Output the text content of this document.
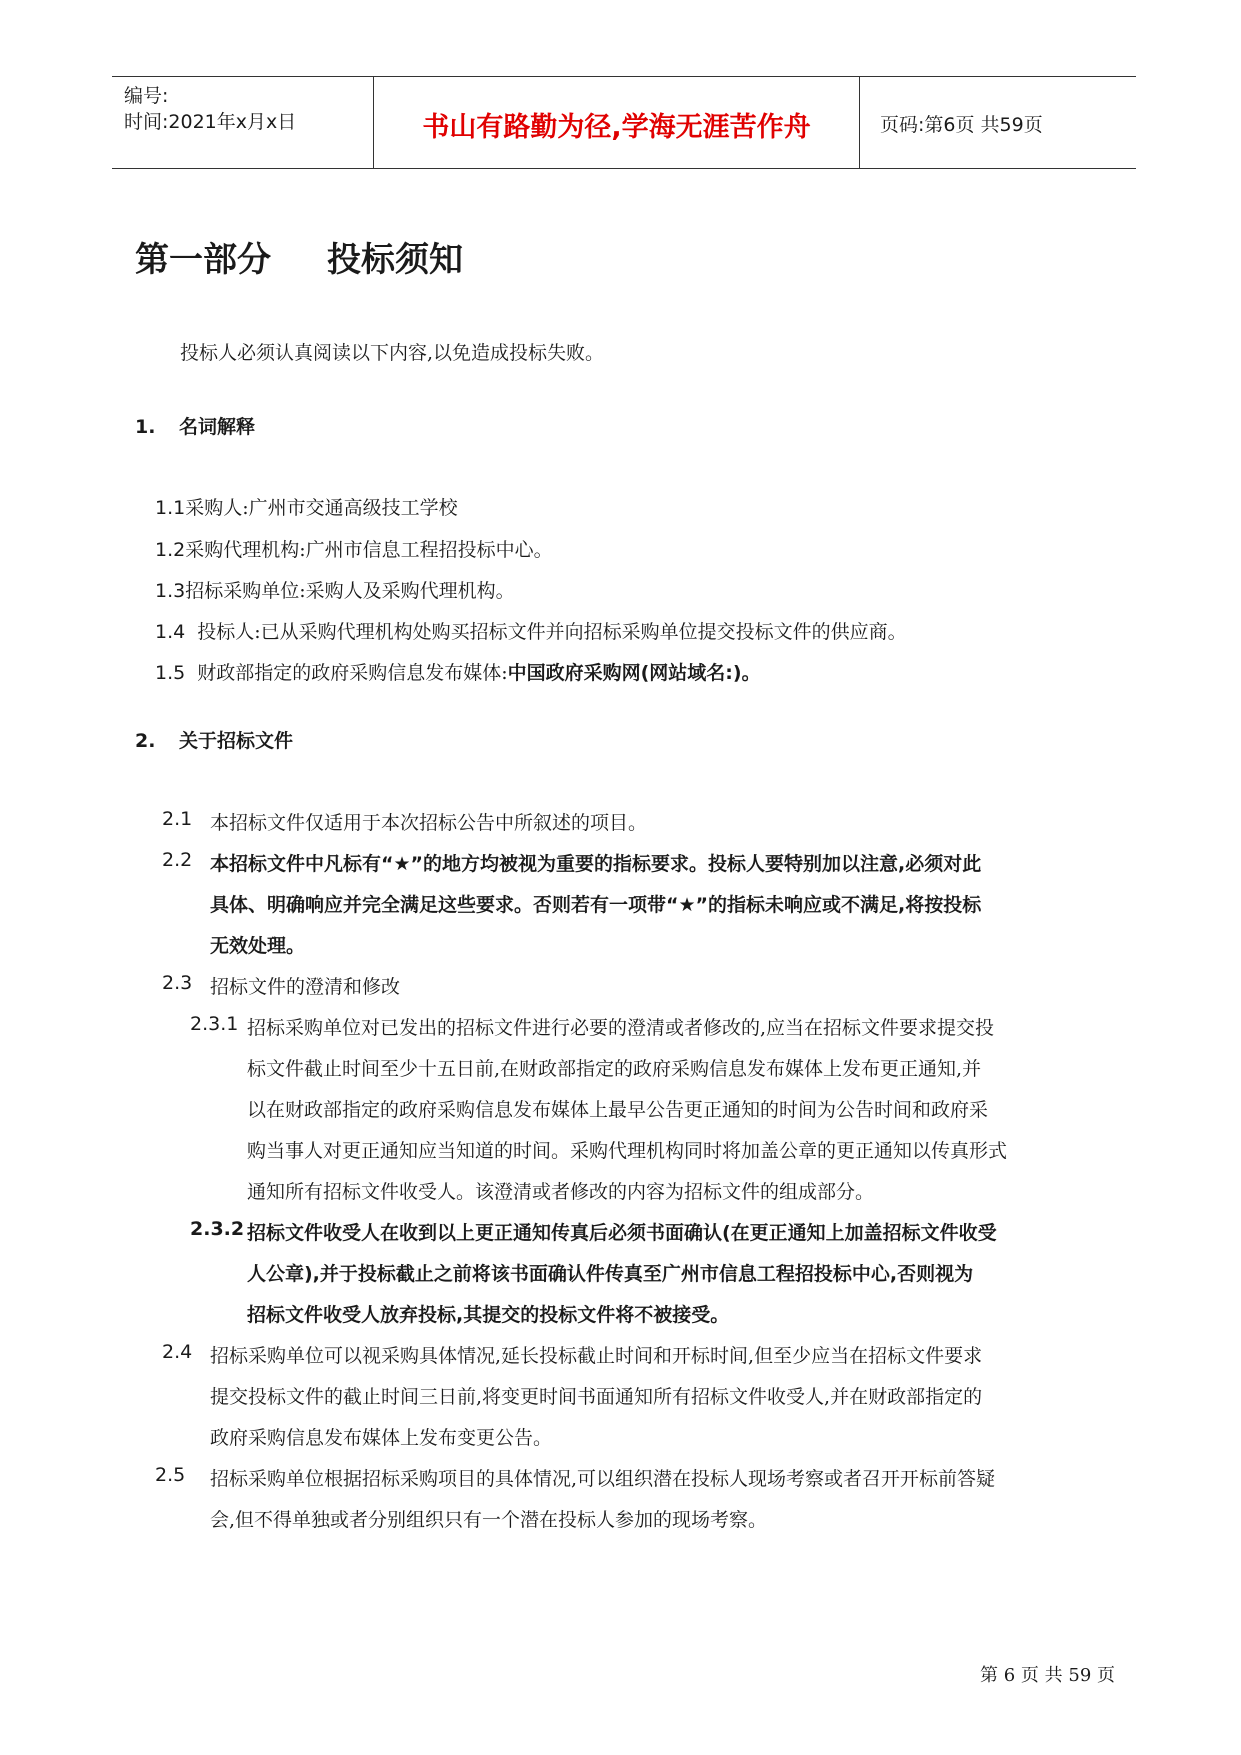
编号:
时间:2021年x月x日	书山有路勤为径,学海无涯苦作舟	页码:第6页 共59页
第一部分 投标须知
投标人必须认真阅读以下内容,以免造成投标失败。
1. 名词解释
1.1采购人:广州市交通高级技工学校
1.2采购代理机构:广州市信息工程招投标中心。
1.3招标采购单位:采购人及采购代理机构。
1.4 投标人:已从采购代理机构处购买招标文件并向招标采购单位提交投标文件的供应商。
1.5 财政部指定的政府采购信息发布媒体:中国政府采购网(网站域名:)。
2. 关于招标文件
2.1 本招标文件仅适用于本次招标公告中所叙述的项目。
2.2 本招标文件中凡标有“★”的地方均被视为重要的指标要求。投标人要特别加以注意,必须对此
具体、明确响应并完全满足这些要求。否则若有一项带“★”的指标未响应或不满足,将按投标
无效处理。
2.3 招标文件的澄清和修改
2.3.1 招标采购单位对已发出的招标文件进行必要的澄清或者修改的,应当在招标文件要求提交投
标文件截止时间至少十五日前,在财政部指定的政府采购信息发布媒体上发布更正通知,并
以在财政部指定的政府采购信息发布媒体上最早公告更正通知的时间为公告时间和政府采
购当事人对更正通知应当知道的时间。采购代理机构同时将加盖公章的更正通知以传真形式
通知所有招标文件收受人。该澄清或者修改的内容为招标文件的组成部分。
2.3.2 招标文件收受人在收到以上更正通知传真后必须书面确认(在更正通知上加盖招标文件收受
人公章),并于投标截止之前将该书面确认件传真至广州市信息工程招投标中心,否则视为
招标文件收受人放弃投标,其提交的投标文件将不被接受。
2.4 招标采购单位可以视采购具体情况,延长投标截止时间和开标时间,但至少应当在招标文件要求
提交投标文件的截止时间三日前,将变更时间书面通知所有招标文件收受人,并在财政部指定的
政府采购信息发布媒体上发布变更公告。
2.5 招标采购单位根据招标采购项目的具体情况,可以组织潜在投标人现场考察或者召开开标前答疑
会,但不得单独或者分别组织只有一个潜在投标人参加的现场考察。
第 6 页 共 59 页
